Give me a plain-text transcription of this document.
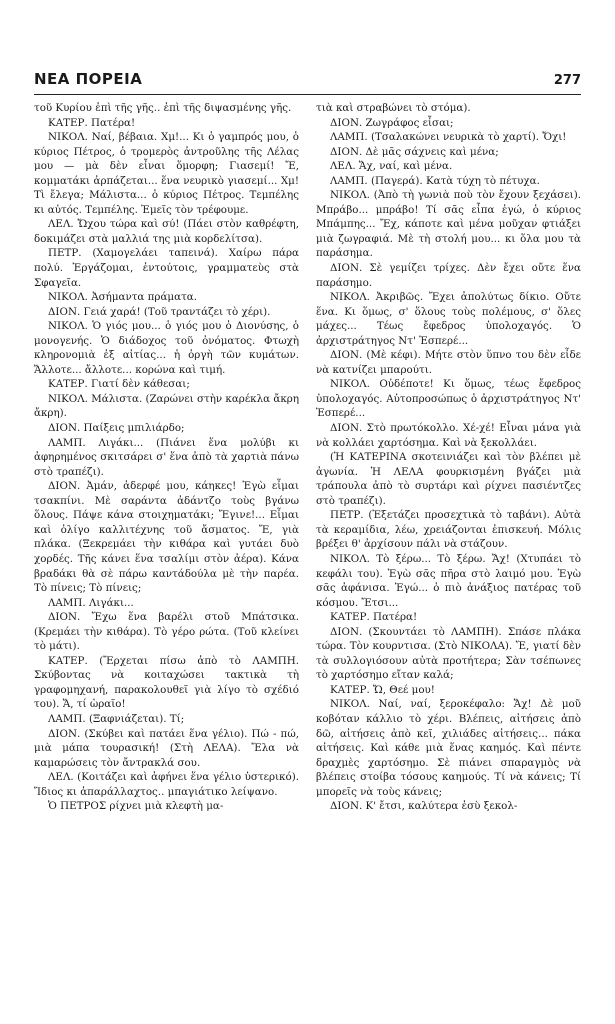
ΝΕΑ ΠΟΡΕΙΑ	277

τοῦ Κυρίου ἐπὶ τῆς γῆς.. ἐπὶ τῆς διψασμένης γῆς.

ΚΑΤΕΡ. Πατέρα!

ΝΙΚΟΛ. Ναί, βέβαια. Χμ!... Κι ὁ γαμπρός μου, ὁ κύριος Πέτρος, ὁ τρομερὸς ἀντροῦλης τῆς Λέλας μου — μὰ δὲν εἶναι ὅμορφη; Γιασεμί! Ἔ, κομματάκι ἀρπάζεται... ἕνα νευρικὸ γιασεμί... Χμ! Τὶ ἔλεγα; Μάλιστα... ὁ κύριος Πέτρος. Τεμπέλης κι αὐτός. Τεμπέλης. Ἐμεῖς τὸν τρέφουμε.

ΛΕΛ. Ὤχου τώρα καὶ σύ! (Πάει στὸν καθρέφτη, δοκιμάζει στὰ μαλλιά της μιὰ κορδελίτσα).

ΠΕΤΡ. (Χαμογελάει ταπεινά). Χαίρω πάρα πολύ. Ἐργάζομαι, ἐντούτοις, γραμματεὺς στὰ Σφαγεῖα.

ΝΙΚΟΛ. Ἀσήμαντα πράματα.

ΔΙΟΝ. Γειά χαρά! (Τοῦ τραντάζει τὸ χέρι).

ΝΙΚΟΛ. Ὁ γιός μου... ὁ γιός μου ὁ Διονύσης, ὁ μονογενής. Ὁ διάδοχος τοῦ ὀνόματος. Φτωχὴ κληρονομιὰ ἐξ αἰτίας... ἡ ὀργὴ τῶν κυμάτων. Ἄλλοτε... ἄλλοτε... κορώνα καὶ τιμή.

ΚΑΤΕΡ. Γιατί δὲν κάθεσαι;

ΝΙΚΟΛ. Μάλιστα. (Ζαρώνει στὴν καρέκλα ἄκρη ἄκρη).

ΔΙΟΝ. Παίξεις μπιλιάρδο;

ΛΑΜΠ. Λιγάκι... (Πιάνει ἕνα μολύβι κι ἀφηρημένος σκιτσάρει σ' ἕνα ἀπὸ τὰ χαρτιὰ πάνω στὸ τραπέζι).

ΔΙΟΝ. Ἀμάν, ἀδερφέ μου, κάηκες! Ἐγὼ εἶμαι τσακπίνι. Μὲ σαράντα ἀδάντζο τοὺς βγάνω ὅλους. Πάψε κάνα στοιχηματάκι; Ἔγινε!... Εἶμαι καὶ ὀλίγο καλλιτέχνης τοῦ ἄσματος. Ἔ, γιὰ πλάκα. (Ξεκρεμάει τὴν κιθάρα καὶ γυτάει δυὸ χορδές. Τῆς κάνει ἕνα τσαλίμι στὸν ἀέρα). Κάνα βραδάκι θὰ σὲ πάρω καντάδούλα μὲ τὴν παρέα. Τὸ πίνεις; Τὸ πίνεις;

ΛΑΜΠ. Λιγάκι...

ΔΙΟΝ. Ἔχω ἕνα βαρέλι στοῦ Μπάτσικα. (Κρεμάει τὴν κιθάρα). Τὸ γέρο ρώτα. (Τοῦ κλείνει τὸ μάτι).

ΚΑΤΕΡ. (Ἔρχεται πίσω ἀπὸ τὸ ΛΑΜΠΗ. Σκύβοντας νὰ κοιταχώσει τακτικὰ τὴ γραφομηχανή, παρακολουθεῖ γιὰ λίγο τὸ σχέδιό του). Ἄ, τί ὡραῖο!

ΛΑΜΠ. (Ξαφνιάζεται). Τί;

ΔΙΟΝ. (Σκύβει καὶ πατάει ἕνα γέλιο). Πώ - πώ, μιὰ μάπα τουρασική! (Στὴ ΛΕΛΑ). Ἔλα νὰ καμαρώσεις τὸν ἄντρακλά σου.

ΛΕΛ. (Κοιτάζει καὶ ἀφήνει ἕνα γέλιο ὑστερικό). Ἴδιος κι ἀπαράλλαχτος.. μπαγιάτικο λείψανο.

Ὁ ΠΕΤΡΟΣ ρίχνει μιὰ κλεφτὴ μα-

τιὰ καὶ στραβώνει τὸ στόμα).

ΔΙΟΝ. Ζωγράφος εἶσαι;

ΛΑΜΠ. (Τσαλακώνει νευρικὰ τὸ χαρτί). Ὄχι!

ΔΙΟΝ. Δὲ μᾶς σάχνεις καὶ μένα;

ΛΕΛ. Ἄχ, ναί, καὶ μένα.

ΛΑΜΠ. (Παγερά). Κατὰ τύχη τὸ πέτυχα.

ΝΙΚΟΛ. (Ἀπὸ τὴ γωνιὰ ποὺ τὸν ἔχουν ξεχάσει). Μπράβο... μπράβο! Τί σᾶς εἶπα ἐγώ, ὁ κύριος Μπάμπης... Ἔχ, κάποτε καὶ μένα μοῦχαν φτιάξει μιὰ ζωγραφιά. Μὲ τὴ στολή μου... κι ὅλα μου τὰ παράσημα.

ΔΙΟΝ. Σὲ γεμίζει τρίχες. Δὲν ἔχει οὔτε ἕνα παράσημο.

ΝΙΚΟΛ. Ἀκριβῶς. Ἔχει ἀπολύτως δίκιο. Οὔτε ἕνα. Κι ὅμως, σ' ὅλους τοὺς πολέμους, σ' ὅλες μάχες... Τέως ἔφεδρος ὑπολοχαγός. Ὁ ἀρχιστράτηγος Ντ' Ἐσπερέ...

ΔΙΟΝ. (Μὲ κέφι). Μήτε στὸν ὕπνο του δὲν εἶδε νὰ κατνίζει μπαρούτι.

ΝΙΚΟΛ. Οὐδέποτε! Κι ὅμως, τέως ἔφεδρος ὑπολοχαγός. Αὐτοπροσώπως ὁ ἀρχιστράτηγος Ντ' Ἐσπερέ...

ΔΙΟΝ. Στὸ πρωτόκολλο. Χέ-χέ! Εἶναι μάνα γιὰ νὰ κολλάει χαρτόσημα. Καὶ νὰ ξεκολλάει.

(Ἡ ΚΑΤΕΡΙΝΑ σκοτεινιάζει καὶ τὸν βλέπει μὲ ἀγωνία. Ἡ ΛΕΛΑ φουρκισμένη βγάζει μιὰ τράπουλα ἀπὸ τὸ συρτάρι καὶ ρίχνει πασιέντζες στὸ τραπέζι).

ΠΕΤΡ. (Ἐξετάζει προσεχτικὰ τὸ ταβάνι). Αὐτὰ τὰ κεραμίδια, λέω, χρειάζονται ἐπισκευή. Μόλις βρέξει θ' ἀρχίσουν πάλι νὰ στάζουν.

ΝΙΚΟΛ. Τὸ ξέρω... Τὸ ξέρω. Ἄχ! (Χτυπάει τὸ κεφάλι του). Ἐγὼ σᾶς πῆρα στὸ λαιμό μου. Ἐγὼ σᾶς ἀφάνισα. Ἐγώ... ὁ πιὸ ἀνάξιος πατέρας τοῦ κόσμου. Ἔτσι...

ΚΑΤΕΡ. Πατέρα!

ΔΙΟΝ. (Σκουντάει τὸ ΛΑΜΠΗ). Σπάσε πλάκα τώρα. Τὸν κουρντισα. (Στὸ ΝΙΚΟΛΑ). Ἔ, γιατί δὲν τὰ συλλογιόσουν αὐτὰ προτήτερα; Σὰν τσέπωνες τὸ χαρτόσημο εἴταν καλά;

ΚΑΤΕΡ. Ὤ, Θεέ μου!

ΝΙΚΟΛ. Ναί, ναί, ξεροκέφαλο: Ἄχ! Δὲ μοῦ κοβόταν κάλλιο τὸ χέρι. Βλέπεις, αἰτήσεις ἀπὸ δῶ, αἰτήσεις ἀπὸ κεῖ, χιλιάδες αἰτήσεις... πάκα αἰτήσεις. Καὶ κάθε μιὰ ἕνας καημός. Καὶ πέντε δραχμὲς χαρτόσημο. Σὲ πιάνει σπαραγμὸς νὰ βλέπεις στοίβα τόσους καημούς. Τί νὰ κάνεις; Τί μπορεῖς νὰ τοὺς κάνεις;

ΔΙΟΝ. Κ' ἔτσι, καλύτερα ἐσὺ ξεκολ-
